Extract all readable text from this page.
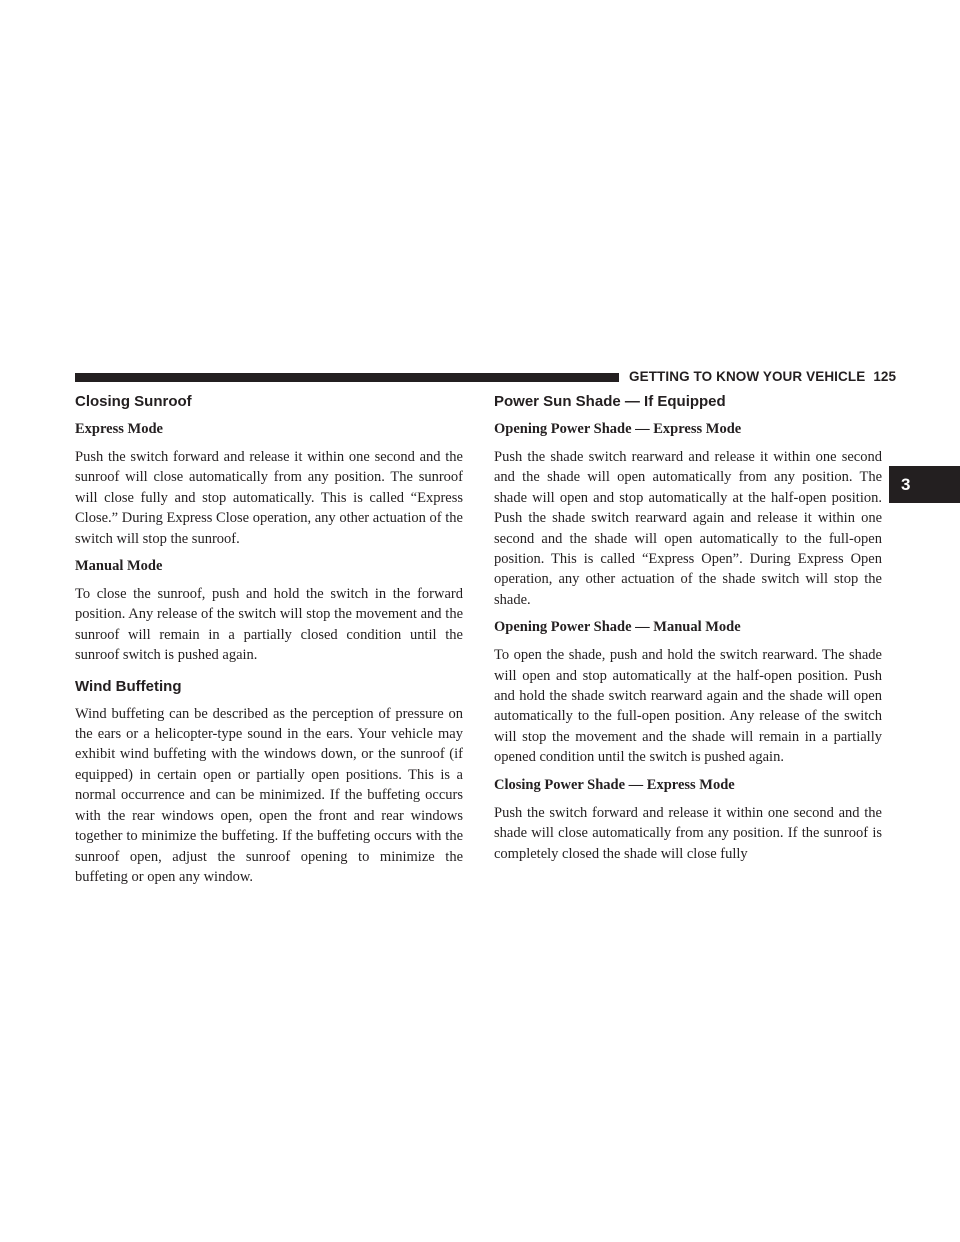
GETTING TO KNOW YOUR VEHICLE 125
3
Closing Sunroof
Express Mode

Push the switch forward and release it within one second and the sunroof will close automatically from any position. The sunroof will close fully and stop automatically. This is called “Express Close.” During Express Close operation, any other actuation of the switch will stop the sunroof.

Manual Mode

To close the sunroof, push and hold the switch in the forward position. Any release of the switch will stop the movement and the sunroof will remain in a partially closed condition until the sunroof switch is pushed again.

Wind Buffeting

Wind buffeting can be described as the perception of pressure on the ears or a helicopter-type sound in the ears. Your vehicle may exhibit wind buffeting with the windows down, or the sunroof (if equipped) in certain open or partially open positions. This is a normal occurrence and can be minimized. If the buffeting occurs with the rear windows open, open the front and rear windows together to minimize the buffeting. If the buffeting occurs with the sunroof open, adjust the sunroof opening to minimize the buffeting or open any window.

Power Sun Shade — If Equipped
Opening Power Shade — Express Mode

Push the shade switch rearward and release it within one second and the shade will open automatically from any position. The shade will open and stop automatically at the half-open position. Push the shade switch rearward again and release it within one second and the shade will open automatically to the full-open position. This is called “Express Open”. During Express Open operation, any other actuation of the shade switch will stop the shade.

Opening Power Shade — Manual Mode

To open the shade, push and hold the switch rearward. The shade will open and stop automatically at the half-open position. Push and hold the shade switch rearward again and the shade will open automatically to the full-open position. Any release of the switch will stop the movement and the shade will remain in a partially opened condition until the switch is pushed again.

Closing Power Shade — Express Mode

Push the switch forward and release it within one second and the shade will close automatically from any position. If the sunroof is completely closed the shade will close fully
